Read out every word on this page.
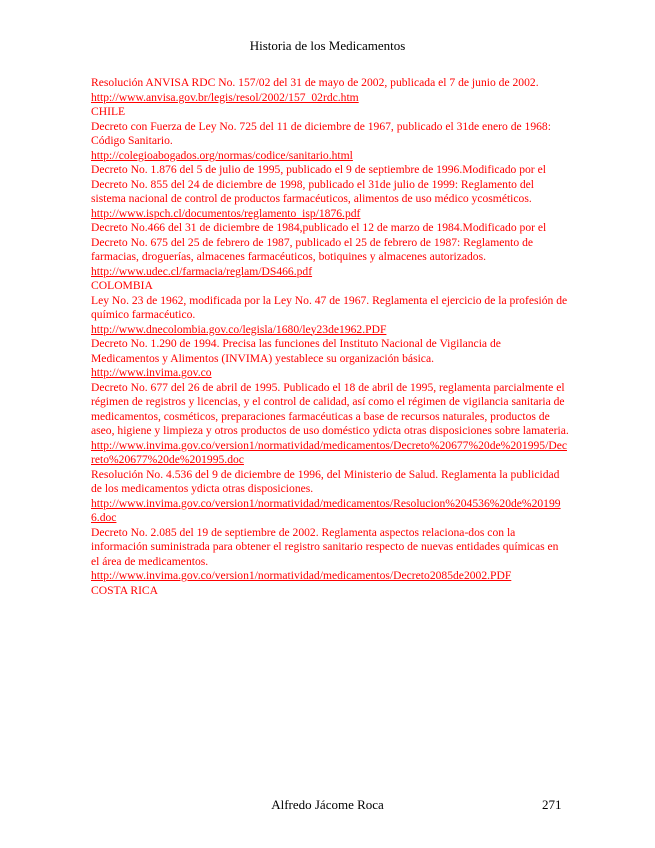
Historia de los Medicamentos

Resolución ANVISA RDC No. 157/02 del 31 de mayo de 2002, publicada el 7 de junio de 2002.

http://www.anvisa.gov.br/legis/resol/2002/157_02rdc.htm

CHILE

Decreto con Fuerza de Ley No. 725 del 11 de diciembre de 1967, publicado el 31de enero de 1968: Código Sanitario.

http://colegioabogados.org/normas/codice/sanitario.html

Decreto No. 1.876 del 5 de julio de 1995, publicado el 9 de septiembre de 1996.Modificado por el Decreto No. 855 del 24 de diciembre de 1998, publicado el 31de julio de 1999: Reglamento del sistema nacional de control de productos farmacéuticos, alimentos de uso médico ycosméticos.

http://www.ispch.cl/documentos/reglamento_isp/1876.pdf

Decreto No.466 del 31 de diciembre de 1984,publicado el 12 de marzo de 1984.Modificado por el Decreto No. 675 del 25 de febrero de 1987, publicado el 25 de febrero de 1987: Reglamento de farmacias, droguerías, almacenes farmacéuticos, botiquines y almacenes autorizados.

http://www.udec.cl/farmacia/reglam/DS466.pdf

COLOMBIA

Ley No. 23 de 1962, modificada por la Ley No. 47 de 1967. Reglamenta el ejercicio de la profesión de químico farmacéutico.

http://www.dnecolombia.gov.co/legisla/1680/ley23de1962.PDF

Decreto No. 1.290 de 1994. Precisa las funciones del Instituto Nacional de Vigilancia de Medicamentos y Alimentos (INVIMA) yestablece su organización básica.

http://www.invima.gov.co

Decreto No. 677 del 26 de abril de 1995. Publicado el 18 de abril de 1995, reglamenta parcialmente el régimen de registros y licencias, y el control de calidad, así como el régimen de vigilancia sanitaria de medicamentos, cosméticos, preparaciones farmacéuticas a base de recursos naturales, productos de aseo, higiene y limpieza y otros productos de uso doméstico ydicta otras disposiciones sobre lamateria.

http://www.invima.gov.co/version1/normatividad/medicamentos/Decreto%20677%20de%201995/Decreto%20677%20de%201995.doc

Resolución No. 4.536 del 9 de diciembre de 1996, del Ministerio de Salud. Reglamenta la publicidad de los medicamentos ydicta otras disposiciones.

http://www.invima.gov.co/version1/normatividad/medicamentos/Resolucion%204536%20de%201996.doc

Decreto No. 2.085 del 19 de septiembre de 2002. Reglamenta aspectos relaciona-dos con la información suministrada para obtener el registro sanitario respecto de nuevas entidades químicas en el área de medicamentos.

http://www.invima.gov.co/version1/normatividad/medicamentos/Decreto2085de2002.PDF

COSTA RICA

Alfredo Jácome Roca	271
